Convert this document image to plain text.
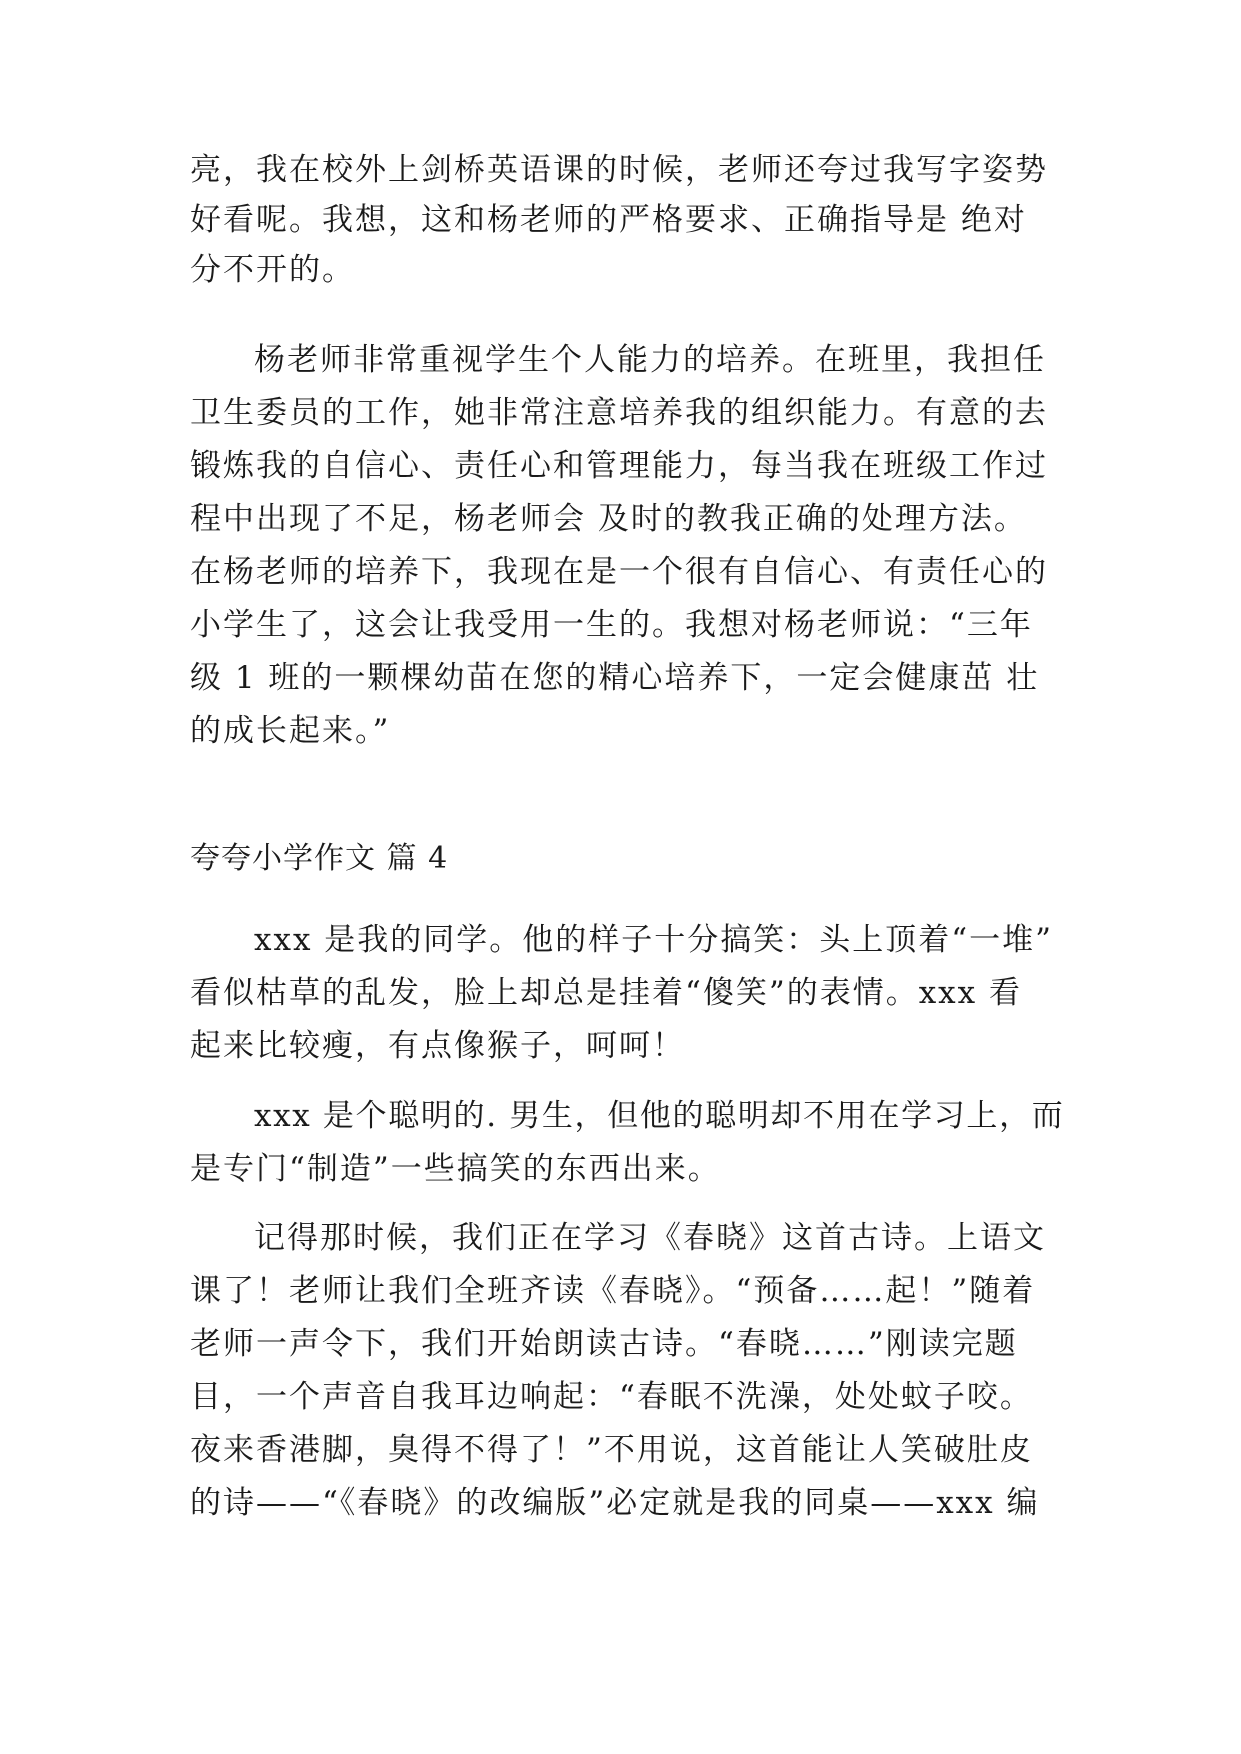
亮，我在校外上剑桥英语课的时候，老师还夸过我写字姿势
好看呢。我想，这和杨老师的严格要求、正确指导是 绝对
分不开的。
杨老师非常重视学生个人能力的培养。在班里，我担任
卫生委员的工作，她非常注意培养我的组织能力。有意的去
锻炼我的自信心、责任心和管理能力，每当我在班级工作过
程中出现了不足，杨老师会 及时的教我正确的处理方法。
在杨老师的培养下，我现在是一个很有自信心、有责任心的
小学生了，这会让我受用一生的。我想对杨老师说：“三年
级 1 班的一颗棵幼苗在您的精心培养下，一定会健康茁 壮
的成长起来。”
夸夸小学作文 篇 4
xxx 是我的同学。他的样子十分搞笑：头上顶着“一堆”
看似枯草的乱发，脸上却总是挂着“傻笑”的表情。xxx 看
起来比较瘦，有点像猴子，呵呵！
xxx 是个聪明的. 男生，但他的聪明却不用在学习上，而
是专门“制造”一些搞笑的东西出来。
记得那时候，我们正在学习《春晓》这首古诗。上语文
课了！老师让我们全班齐读《春晓》。“预备……起！”随着
老师一声令下，我们开始朗读古诗。“春晓……”刚读完题
目，一个声音自我耳边响起：“春眠不洗澡，处处蚊子咬。
夜来香港脚，臭得不得了！”不用说，这首能让人笑破肚皮
的诗——“《春晓》的改编版”必定就是我的同桌——xxx 编
